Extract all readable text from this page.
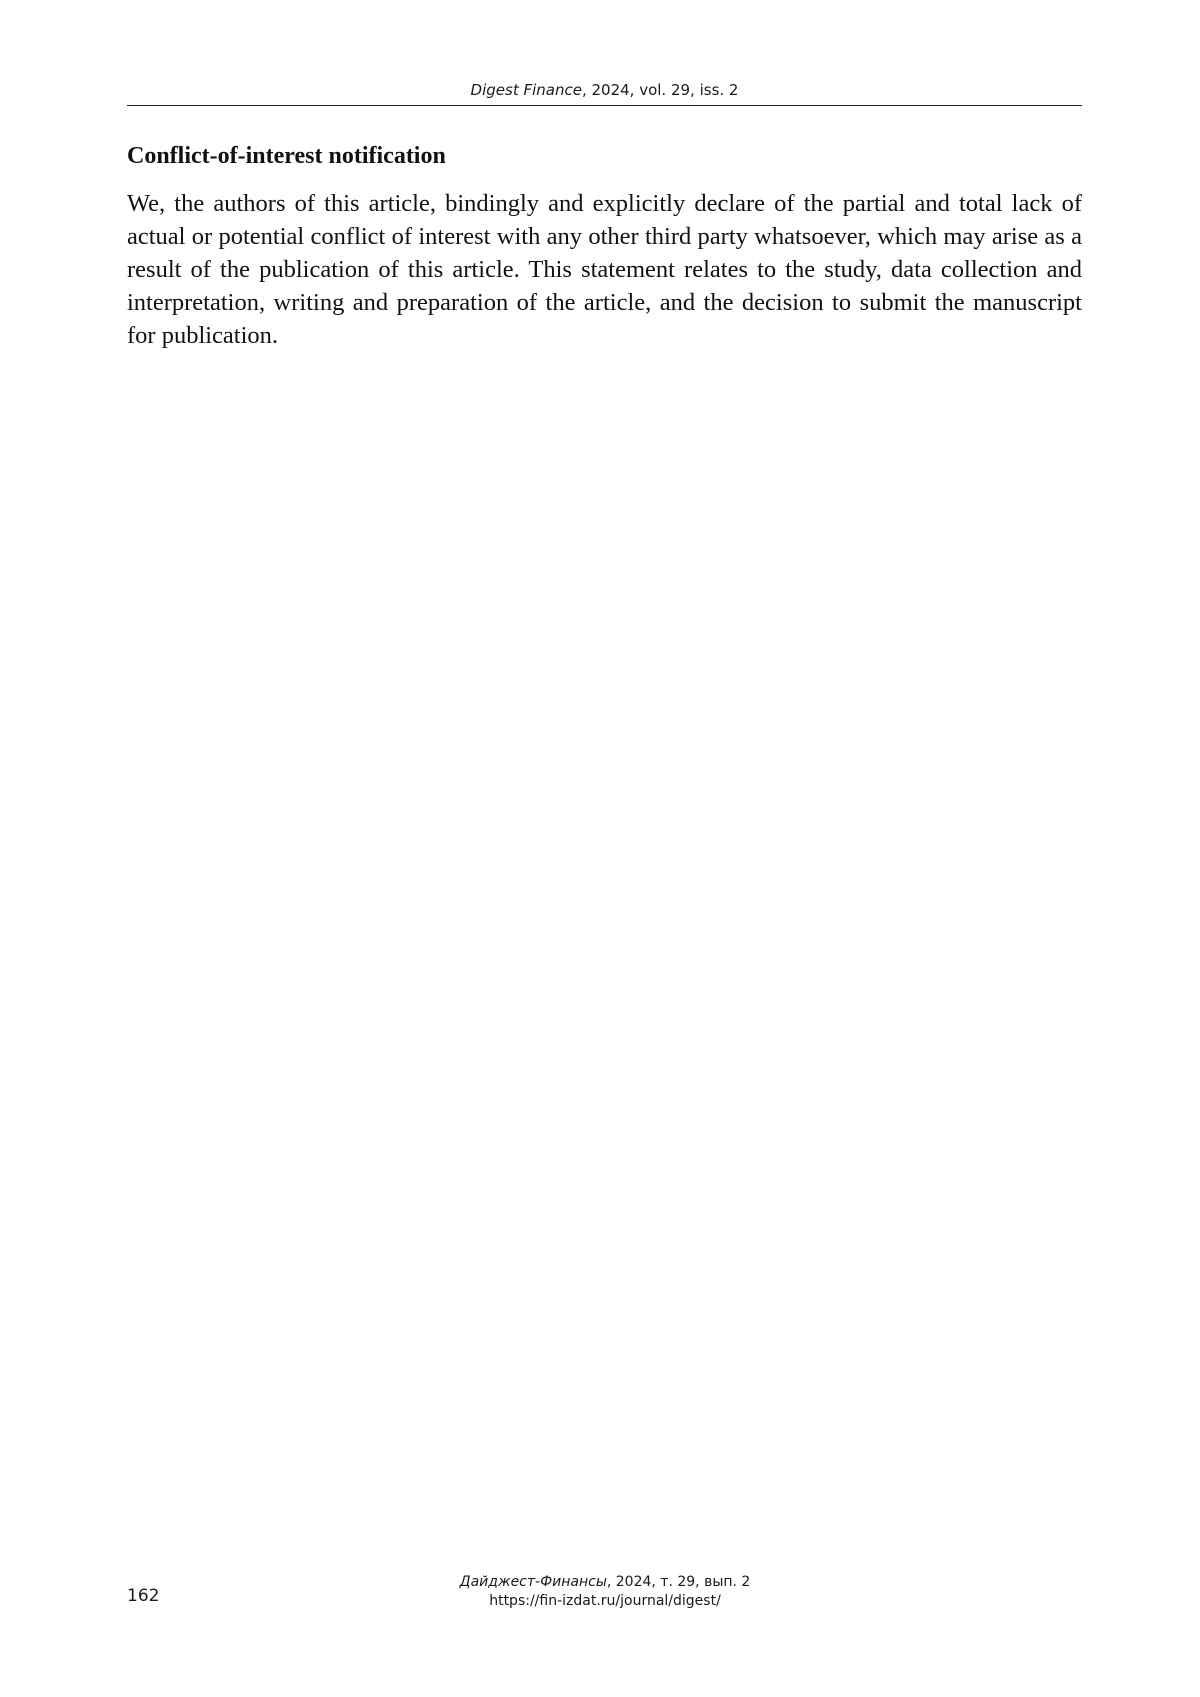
Digest Finance, 2024, vol. 29, iss. 2
Conflict-of-interest notification

We, the authors of this article, bindingly and explicitly declare of the partial and total lack of actual or potential conflict of interest with any other third party whatsoever, which may arise as a result of the publication of this article. This statement relates to the study, data collection and interpretation, writing and preparation of the article, and the decision to submit the manuscript for publication.

162
Дайджест-Финансы, 2024, т. 29, вып. 2
https://fin-izdat.ru/journal/digest/
